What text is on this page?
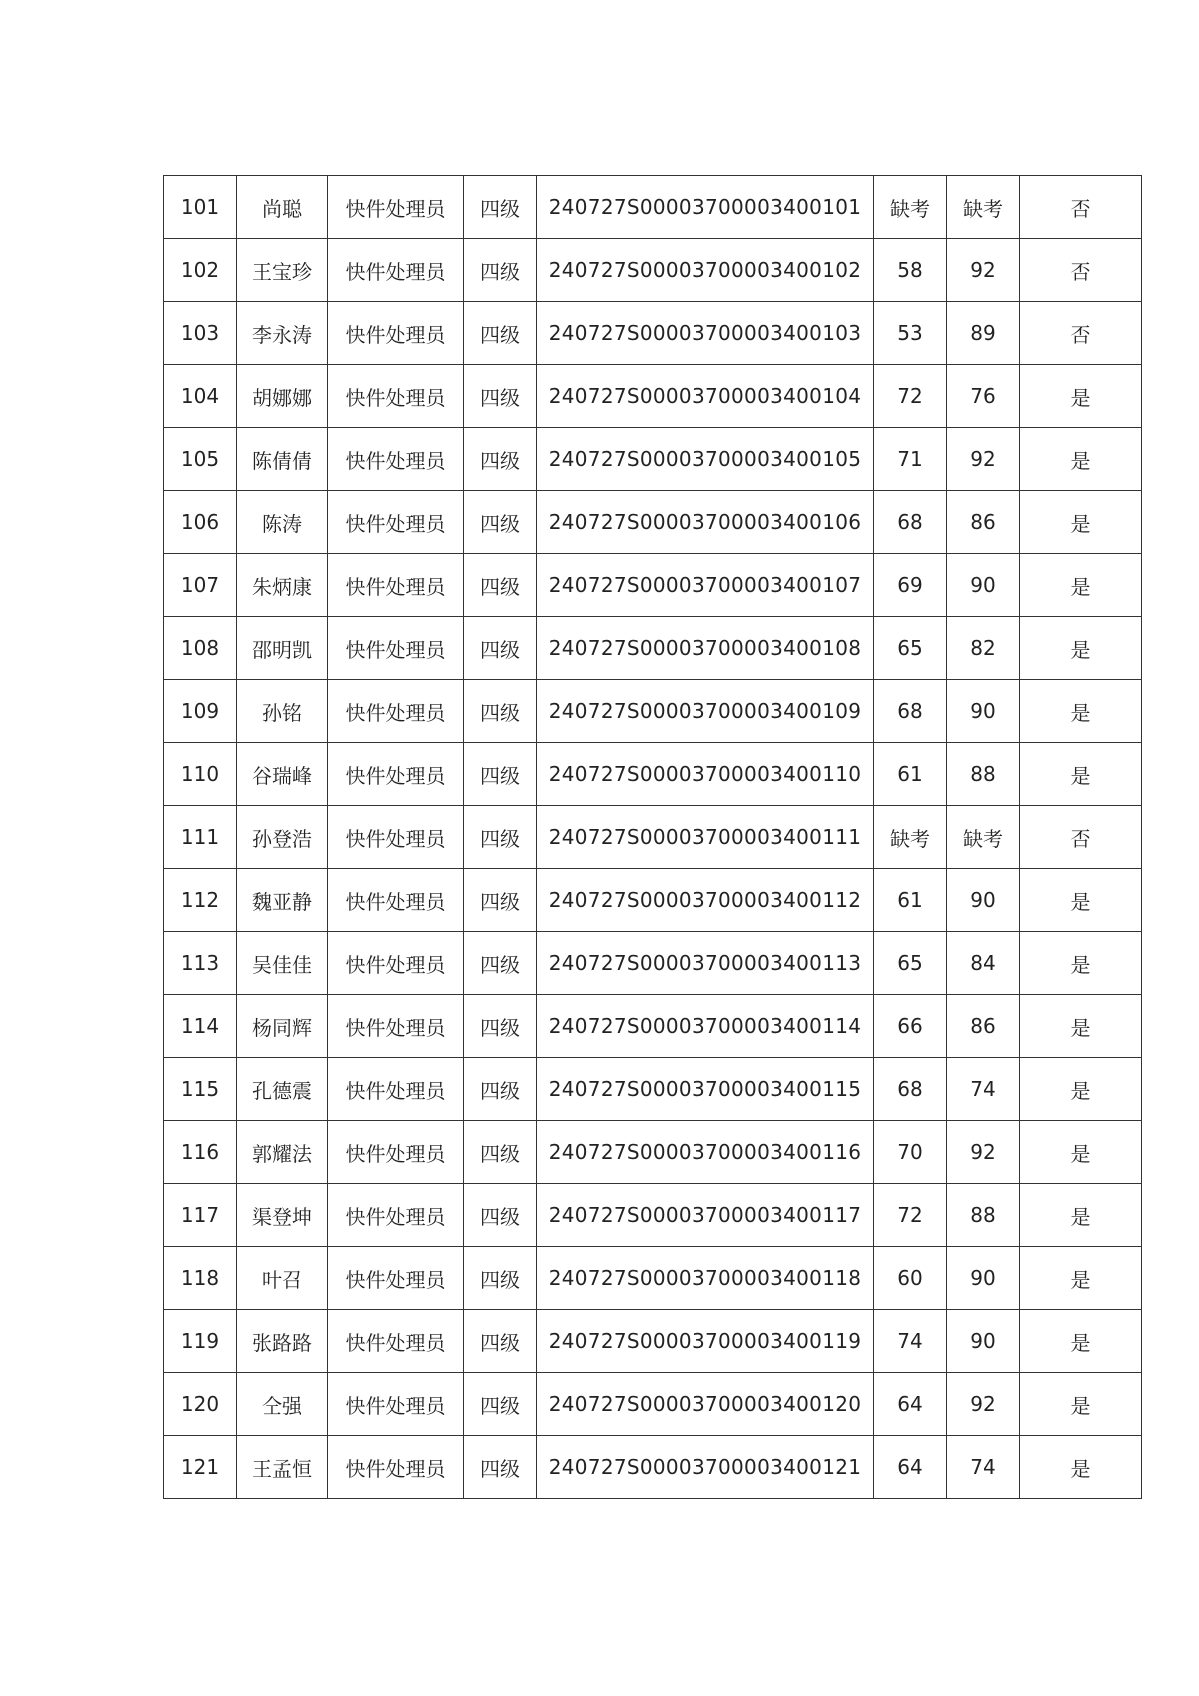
101	尚聪	快件处理员	四级	240727S00003700003400101	缺考	缺考	否
102	王宝珍	快件处理员	四级	240727S00003700003400102	58	92	否
103	李永涛	快件处理员	四级	240727S00003700003400103	53	89	否
104	胡娜娜	快件处理员	四级	240727S00003700003400104	72	76	是
105	陈倩倩	快件处理员	四级	240727S00003700003400105	71	92	是
106	陈涛	快件处理员	四级	240727S00003700003400106	68	86	是
107	朱炳康	快件处理员	四级	240727S00003700003400107	69	90	是
108	邵明凯	快件处理员	四级	240727S00003700003400108	65	82	是
109	孙铭	快件处理员	四级	240727S00003700003400109	68	90	是
110	谷瑞峰	快件处理员	四级	240727S00003700003400110	61	88	是
111	孙登浩	快件处理员	四级	240727S00003700003400111	缺考	缺考	否
112	魏亚静	快件处理员	四级	240727S00003700003400112	61	90	是
113	吴佳佳	快件处理员	四级	240727S00003700003400113	65	84	是
114	杨同辉	快件处理员	四级	240727S00003700003400114	66	86	是
115	孔德震	快件处理员	四级	240727S00003700003400115	68	74	是
116	郭耀法	快件处理员	四级	240727S00003700003400116	70	92	是
117	渠登坤	快件处理员	四级	240727S00003700003400117	72	88	是
118	叶召	快件处理员	四级	240727S00003700003400118	60	90	是
119	张路路	快件处理员	四级	240727S00003700003400119	74	90	是
120	仝强	快件处理员	四级	240727S00003700003400120	64	92	是
121	王孟恒	快件处理员	四级	240727S00003700003400121	64	74	是
